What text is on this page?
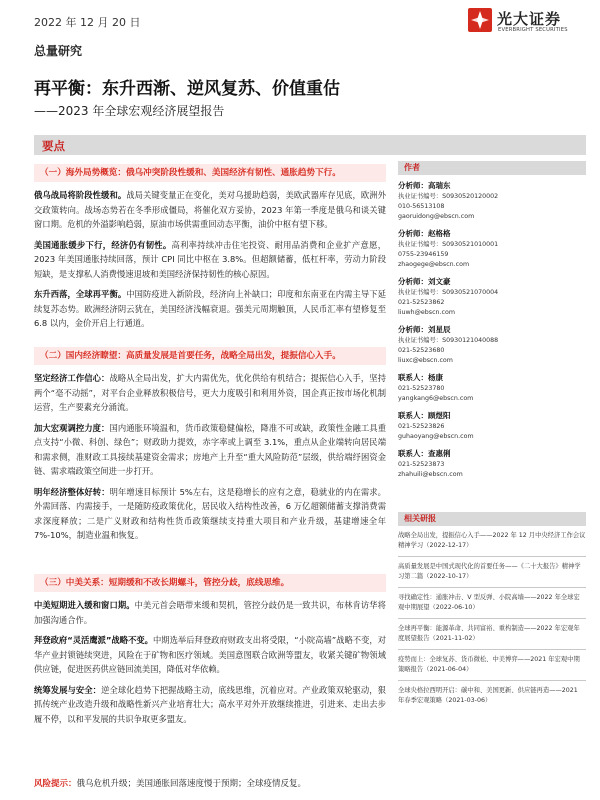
2022 年 12 月 20 日	光大证券
EVERBRIGHT SECURITIES
总量研究
再平衡：东升西渐、逆风复苏、价值重估
——2023 年全球宏观经济展望报告
要点
（一）海外局势概览：俄乌冲突阶段性缓和、美国经济有韧性、通胀趋势下行。
俄乌战局将阶段性缓和。战局关键变量正在变化，美对乌援助趋弱，美欧武器库存见底，欧洲外交政策转向。战场态势若在冬季形成僵局，将催化双方妥协，2023 年第一季度是俄乌和谈关键窗口期。危机的外溢影响趋弱，原油市场供需重回动态平衡，油价中枢有望下移。
美国通胀缓步下行，经济仍有韧性。高利率持续冲击住宅投资、耐用品消费和企业扩产意愿，2023 年美国通胀持续回落，预计 CPI 同比中枢在 3.8%。但超额储蓄，低杠杆率，劳动力阶段短缺，是支撑私人消费慢速退坡和美国经济保持韧性的核心原因。
东升西落，全球再平衡。中国防疫进入新阶段，经济向上补缺口；印度和东南亚在内需主导下延续复苏态势。欧洲经济阴云犹在，美国经济浅幅衰退。强美元周期触顶，人民币汇率有望修复至 6.8 以内，金价开启上行通道。
（二）国内经济瞭望：高质量发展是首要任务，战略全局出发，提振信心入手。
坚定经济工作信心：战略从全局出发，扩大内需优先，优化供给有机结合；提振信心入手，坚持两个“毫不动摇”，对平台企业释放积极信号，更大力度吸引和利用外资，国企真正按市场化机制运营，生产要素充分涌流。
加大宏观调控力度：国内通胀环境温和，货币政策稳健偏松，降准不可或缺，政策性金融工具重点支持“小微、科创、绿色”；财政助力提效，赤字率或上调至 3.1%，重点从企业端转向居民端和需求侧，准财政工具接续基建资金需求；房地产上升至“重大风险防范”层级，供给端纾困资金链、需求端政策空间进一步打开。
明年经济整体好转：明年增速目标预计 5%左右，这是稳增长的应有之意，稳就业的内在需求。外需回落、内需接手，一是随防疫政策优化，居民收入结构性改善，6 万亿超额储蓄支撑消费需求深度释放；二是广义财政和结构性货币政策继续支持重大项目和产业升级，基建增速全年 7%-10%，制造业温和恢复。
（三）中美关系：短期缓和不改长期螺斗，管控分歧，底线思维。
中美短期进入缓和窗口期。中美元首会晤带来缓和契机，管控分歧仍是一致共识，布林肯访华将加强沟通合作。
拜登政府“灵活鹰派”战略不变。中期选举后拜登政府财政支出将受限，“小院高墙”战略不变，对华产业封锁链续突进，风险在于矿物和医疗领域。美国意图联合欧洲等盟友，收紧关键矿物领域供应链，促进医药供应链回流美国，降低对华依赖。
统筹发展与安全：逆全球化趋势下把握战略主动，底线思维，沉着应对。产业政策双轮驱动，狠抓传统产业改造升级和战略性新兴产业培育壮大；高水平对外开放继续推进，引进来、走出去步履不停，以和平发展的共识争取更多盟友。
风险提示：俄乌危机升级；美国通胀回落速度慢于预期；全球疫情反复。
作者
分析师：高瑞东
执业证书编号：S0930520120002
010-56513108
gaoruidong@ebscn.com
分析师：赵格格
执业证书编号：S0930521010001
0755-23946159
zhaogege@ebscn.com
分析师：刘文豪
执业证书编号：S0930521070004
021-52523862
liuwh@ebscn.com
分析师：刘星辰
执业证书编号：S0930121040088
021-52523680
liuxc@ebscn.com
联系人：杨康
021-52523780
yangkang6@ebscn.com
联系人：顾煜阳
021-52523826
guhaoyang@ebscn.com
联系人：查惠俐
021-52523873
zhahuili@ebscn.com
相关研报
战略全局出发，提振信心入手——2022 年 12 月中央经济工作会议精神学习（2022-12-17）
高质量发展是中国式现代化的首要任务——《二十大报告》精神学习第二篇（2022-10-17）
寻找确定性：通胀冲击、V 型反弹、小院高墙——2022 年全球宏观中期展望（2022-06-10）
全球再平衡：能源革命、共同富裕、重构制造——2022 年宏观年度展望报告（2021-11-02）
疫势而上：全球复苏、货币微松、中美博弈——2021 年宏观中期策略报告（2021-06-04）
全球央格拉西明开启：碳中和、美国更新、供应链再造——2021 年春季宏观策略（2021-03-06）
